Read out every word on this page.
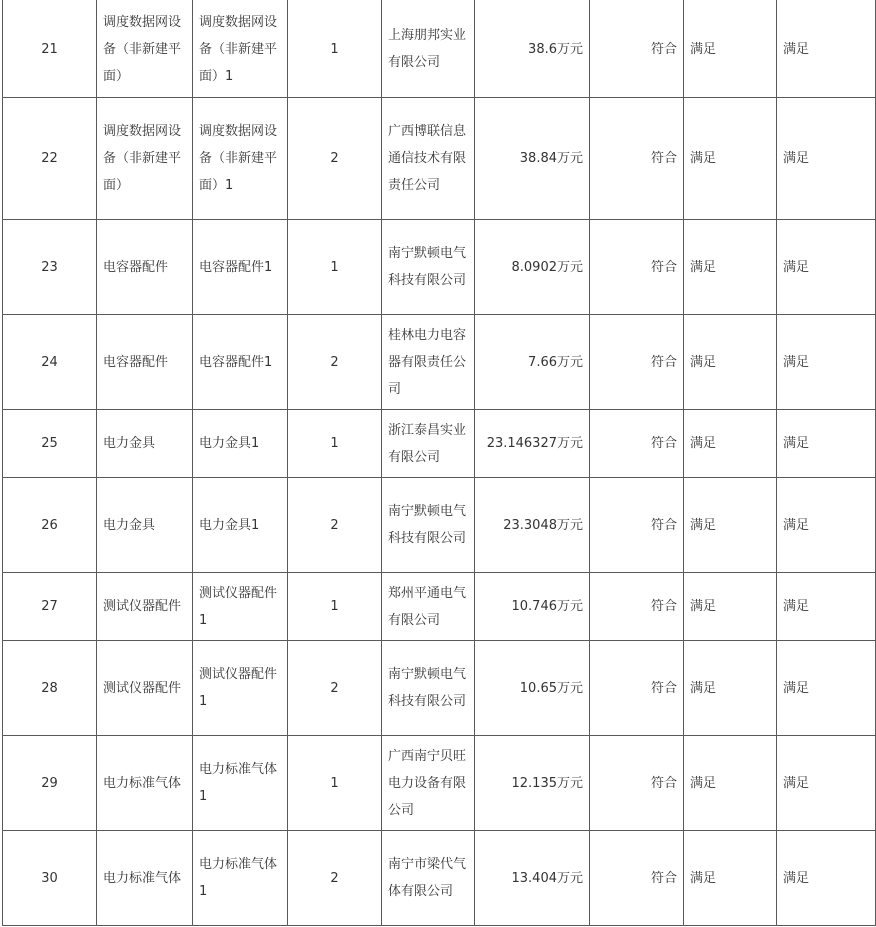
21	调度数据网设备（非新建平面）	调度数据网设备（非新建平面）1	1	上海朋邦实业有限公司	38.6万元	符合	满足	满足
22	调度数据网设备（非新建平面）	调度数据网设备（非新建平面）1	2	广西博联信息通信技术有限责任公司	38.84万元	符合	满足	满足
23	电容器配件	电容器配件1	1	南宁默顿电气科技有限公司	8.0902万元	符合	满足	满足
24	电容器配件	电容器配件1	2	桂林电力电容器有限责任公司	7.66万元	符合	满足	满足
25	电力金具	电力金具1	1	浙江泰昌实业有限公司	23.146327万元	符合	满足	满足
26	电力金具	电力金具1	2	南宁默顿电气科技有限公司	23.3048万元	符合	满足	满足
27	测试仪器配件	测试仪器配件1	1	郑州平通电气有限公司	10.746万元	符合	满足	满足
28	测试仪器配件	测试仪器配件1	2	南宁默顿电气科技有限公司	10.65万元	符合	满足	满足
29	电力标准气体	电力标准气体1	1	广西南宁贝旺电力设备有限公司	12.135万元	符合	满足	满足
30	电力标准气体	电力标准气体1	2	南宁市梁代气体有限公司	13.404万元	符合	满足	满足
